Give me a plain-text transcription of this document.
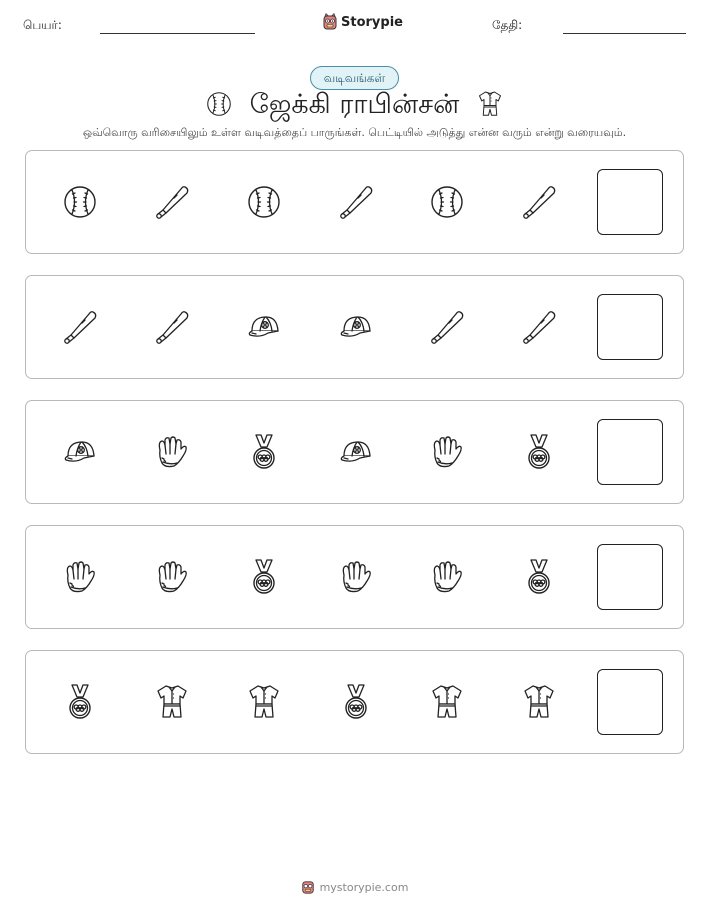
பெயர்:	Storypie	தேதி:
வடிவங்கள்
ஜேக்கி ராபின்சன்
ஒவ்வொரு வரிசையிலும் உள்ள வடிவத்தைப் பாருங்கள். பெட்டியில் அடுத்து என்ன வரும் என்று வரையவும்.
mystorypie.com
